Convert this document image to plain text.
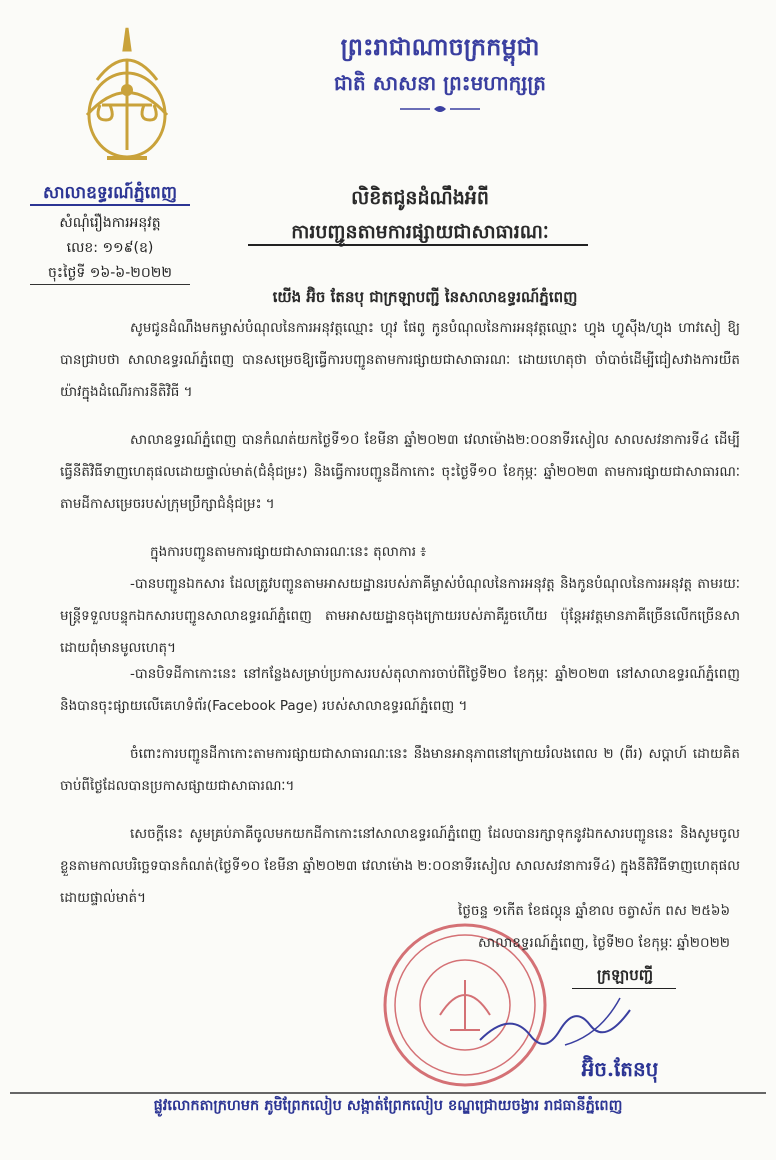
ព្រះរាជាណាចក្រកម្ពុជា
ជាតិ សាសនា ព្រះមហាក្សត្រ
សាលាឧទ្ធរណ៍ភ្នំពេញ
សំណុំរឿងការអនុវត្ត
លេខ: ១១៩(ឧ)
ចុះថ្ងៃទី ១៦-៦-២០២២
លិខិតជូនដំណឹងអំពី
ការបញ្ជូនតាមការផ្សាយជាសាធារណៈ
យើង អ៊ិច តែនបុ ជាក្រឡាបញ្ជី នៃសាលាឧទ្ធរណ៍ភ្នំពេញ
សូមជូនដំណឹងមកម្ចាស់បំណុលនៃការអនុវត្តឈ្មោះ ហ្គុវ ផែពូ កូនបំណុលនៃការអនុវត្តឈ្មោះ ហ្វុង ហ្វូស៊ីង/ហ្វុង ហាវសៀ ឱ្យបានជ្រាបថា សាលាឧទ្ធរណ៍ភ្នំពេញ បានសម្រេចឱ្យធ្វើការបញ្ជូនតាមការផ្សាយជាសាធារណៈ ដោយហេតុថា ចាំបាច់ដើម្បីជៀសវាងការយឺតយ៉ាវក្នុងដំណើរការនីតិវិធី ។
សាលាឧទ្ធរណ៍ភ្នំពេញ បានកំណត់យកថ្ងៃទី១០ ខែមីនា ឆ្នាំ២០២៣ វេលាម៉ោង២:០០នាទីរសៀល សាលសវនាការទី៤ ដើម្បីធ្វើនីតិវិធីទាញហេតុផលដោយផ្ទាល់មាត់(ជំនុំជម្រះ) និងធ្វើការបញ្ជូនដីកាកោះ ចុះថ្ងៃទី១០ ខែកុម្ភៈ ឆ្នាំ២០២៣ តាមការផ្សាយជាសាធារណៈ តាមដីកាសម្រេចរបស់ក្រុមប្រឹក្សាជំនុំជម្រះ ។
ក្នុងការបញ្ជូនតាមការផ្សាយជាសាធារណៈនេះ តុលាការ ៖
-បានបញ្ជូនឯកសារ ដែលត្រូវបញ្ជូនតាមអាសយដ្ឋានរបស់ភាគីម្ចាស់បំណុលនៃការអនុវត្ត និងកូនបំណុលនៃការអនុវត្ត តាមរយៈមន្ត្រីទទួលបន្ទុកឯកសារបញ្ជូនសាលាឧទ្ធរណ៍ភ្នំពេញ តាមអាសយដ្ឋានចុងក្រោយរបស់ភាគីរួចហើយ ប៉ុន្តែអវត្តមានភាគីច្រើនលើកច្រើនសា ដោយពុំមានមូលហេតុ។
-បានបិទដីកាកោះនេះ នៅកន្លែងសម្រាប់ប្រកាសរបស់តុលាការចាប់ពីថ្ងៃទី២០ ខែកុម្ភៈ ឆ្នាំ២០២៣ នៅសាលាឧទ្ធរណ៍ភ្នំពេញ និងបានចុះផ្សាយលើគេហទំព័រ(Facebook Page) របស់សាលាឧទ្ធរណ៍ភ្នំពេញ ។
ចំពោះការបញ្ជូនដីកាកោះតាមការផ្សាយជាសាធារណៈនេះ នឹងមានអានុភាពនៅក្រោយរំលងពេល ២ (ពីរ) សប្តាហ៍ ដោយគិតចាប់ពីថ្ងៃដែលបានប្រកាសផ្សាយជាសាធារណៈ។
សេចក្តីនេះ សូមគ្រប់ភាគីចូលមកយកដីកាកោះនៅសាលាឧទ្ធរណ៍ភ្នំពេញ ដែលបានរក្សាទុកនូវឯកសារបញ្ជូននេះ និងសូមចូលខ្លួនតាមកាលបរិច្ឆេទបានកំណត់(ថ្ងៃទី១០ ខែមីនា ឆ្នាំ២០២៣ វេលាម៉ោង ២:០០នាទីរសៀល សាលសវនាការទី៤) ក្នុងនីតិវិធីទាញហេតុផលដោយផ្ទាល់មាត់។
ថ្ងៃចន្ទ ១កើត ខែផល្គុន ឆ្នាំខាល ចត្វាស័ក ពស ២៥៦៦
សាលាឧទ្ធរណ៍ភ្នំពេញ, ថ្ងៃទី២០ ខែកុម្ភៈ ឆ្នាំ២០២២
ក្រឡាបញ្ជី
អ៊ិច.តែនបុ
ផ្លូវលោកតាក្រហមក ភូមិព្រែកលៀប សង្កាត់ព្រែកលៀប ខណ្ឌជ្រោយចង្វារ រាជធានីភ្នំពេញ
